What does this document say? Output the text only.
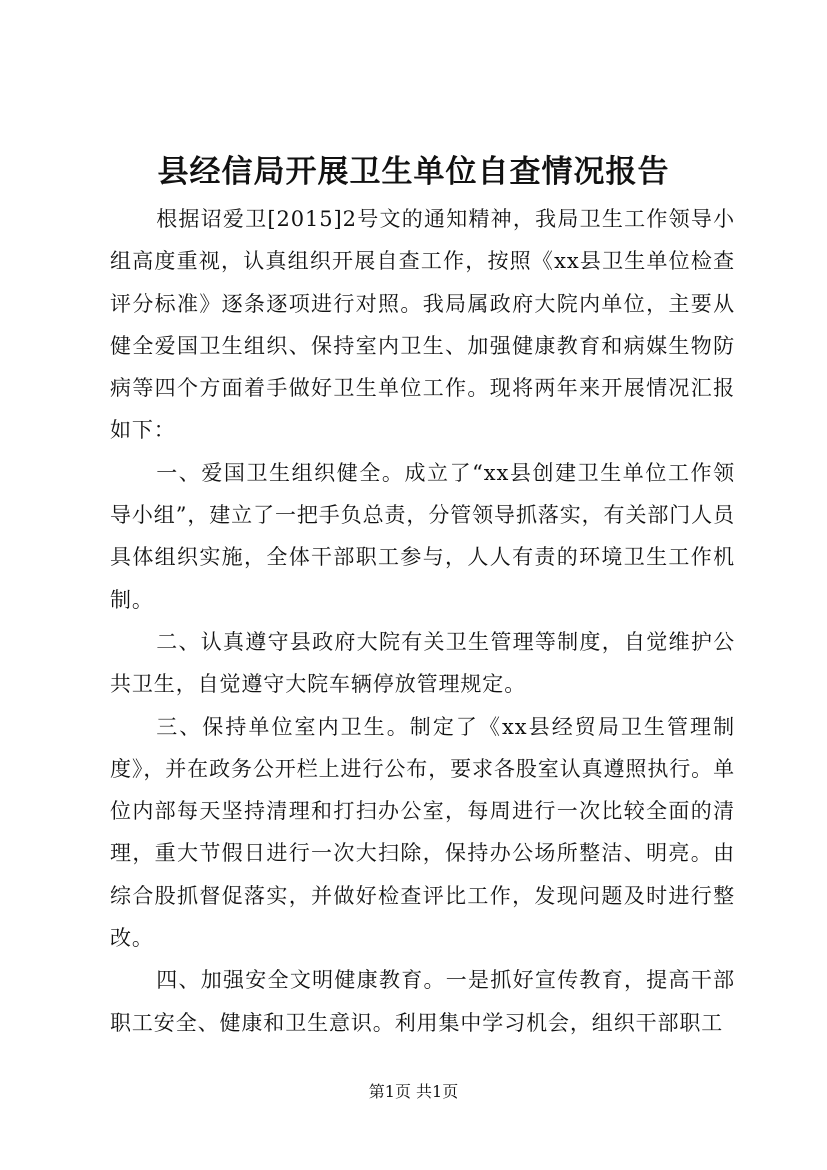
县经信局开展卫生单位自查情况报告

根据诏爱卫[2015]2号文的通知精神，我局卫生工作领导小组高度重视，认真组织开展自查工作，按照《xx县卫生单位检查评分标准》逐条逐项进行对照。我局属政府大院内单位，主要从健全爱国卫生组织、保持室内卫生、加强健康教育和病媒生物防病等四个方面着手做好卫生单位工作。现将两年来开展情况汇报如下：

一、爱国卫生组织健全。成立了“xx县创建卫生单位工作领导小组”，建立了一把手负总责，分管领导抓落实，有关部门人员具体组织实施，全体干部职工参与，人人有责的环境卫生工作机制。

二、认真遵守县政府大院有关卫生管理等制度，自觉维护公共卫生，自觉遵守大院车辆停放管理规定。

三、保持单位室内卫生。制定了《xx县经贸局卫生管理制度》，并在政务公开栏上进行公布，要求各股室认真遵照执行。单位内部每天坚持清理和打扫办公室，每周进行一次比较全面的清理，重大节假日进行一次大扫除，保持办公场所整洁、明亮。由综合股抓督促落实，并做好检查评比工作，发现问题及时进行整改。

四、加强安全文明健康教育。一是抓好宣传教育，提高干部职工安全、健康和卫生意识。利用集中学习机会，组织干部职工

第1页 共1页
